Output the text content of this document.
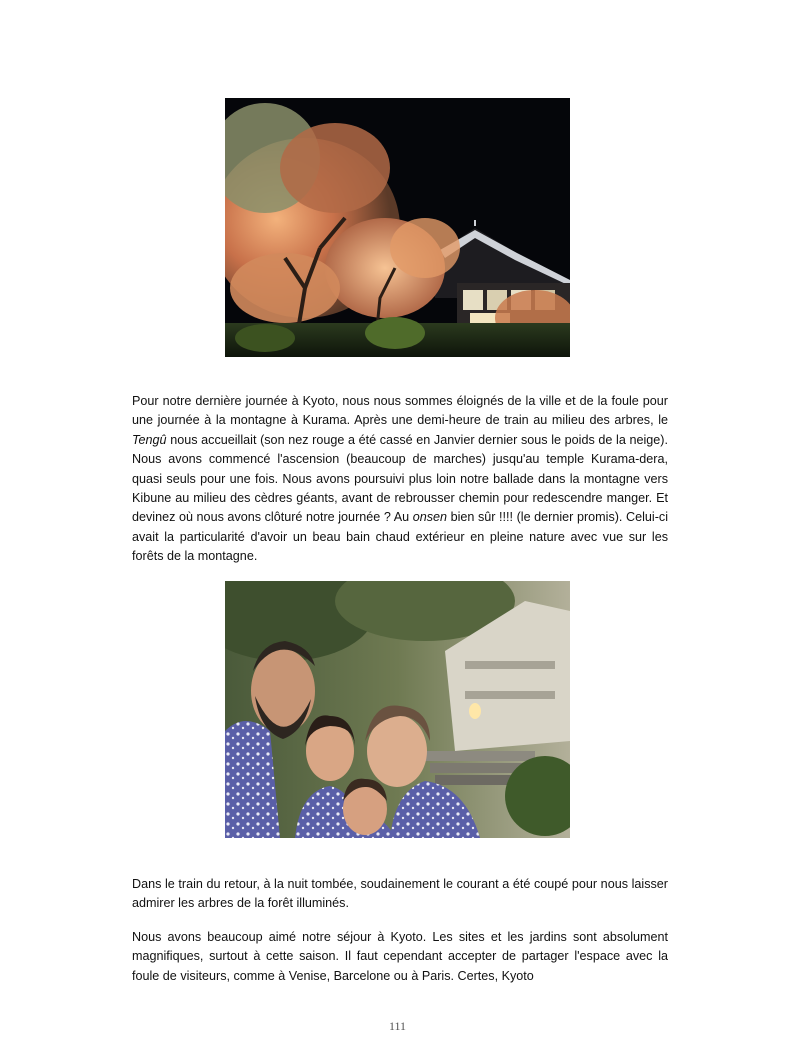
Pour notre dernière journée à Kyoto, nous nous sommes éloignés de la ville et de la foule pour une journée à la montagne à Kurama. Après une demi-heure de train au milieu des arbres, le Tengû nous accueillait (son nez rouge a été cassé en Janvier dernier sous le poids de la neige). Nous avons commencé l'ascension (beaucoup de marches) jusqu'au temple Kurama-dera, quasi seuls pour une fois. Nous avons poursuivi plus loin notre ballade dans la montagne vers Kibune au milieu des cèdres géants, avant de rebrousser chemin pour redescendre manger. Et devinez où nous avons clôturé notre journée ? Au onsen bien sûr !!!! (le dernier promis). Celui-ci avait la particularité d'avoir un beau bain chaud extérieur en pleine nature avec vue sur les forêts de la montagne.

Dans le train du retour, à la nuit tombée, soudainement le courant a été coupé pour nous laisser admirer les arbres de la forêt illuminés.

Nous avons beaucoup aimé notre séjour à Kyoto. Les sites et les jardins sont absolument magnifiques, surtout à cette saison. Il faut cependant accepter de partager l'espace avec la foule de visiteurs, comme à Venise, Barcelone ou à Paris. Certes, Kyoto

111
